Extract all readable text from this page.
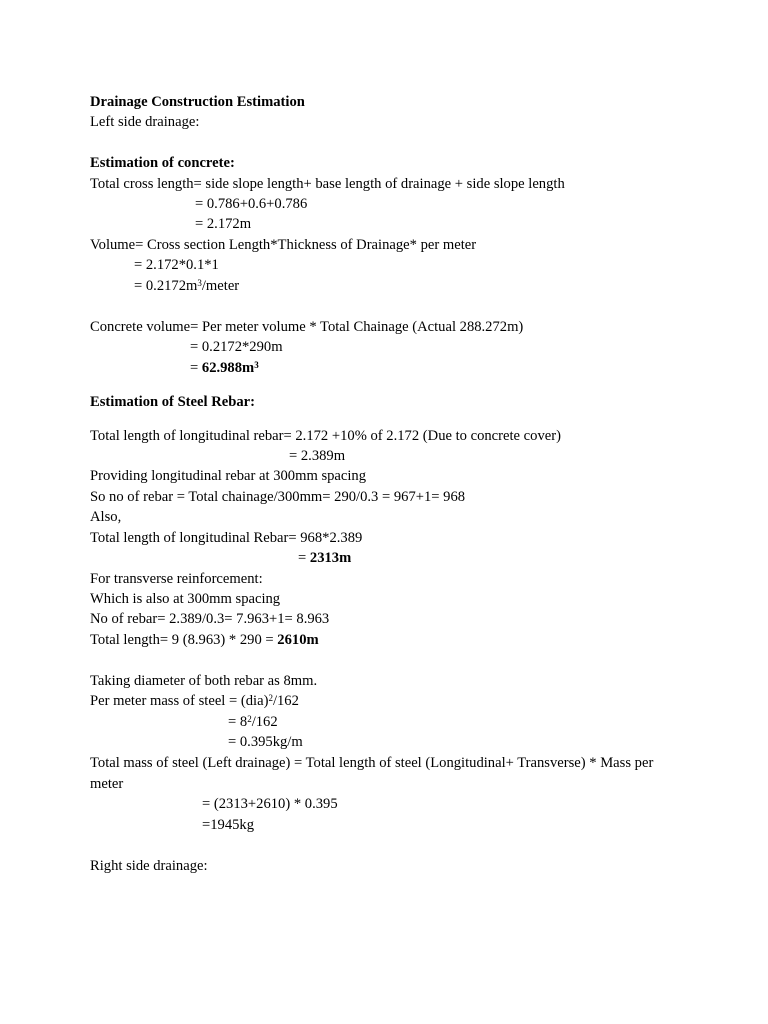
Drainage Construction Estimation
Left side drainage:
Estimation of concrete:
Total cross length= side slope length+ base length of drainage + side slope length
= 0.786+0.6+0.786
= 2.172m
Volume= Cross section Length*Thickness of Drainage* per meter
= 2.172*0.1*1
= $0.2172m^3$/meter
Concrete volume= Per meter volume * Total Chainage (Actual 288.272m)
= 0.2172*290m
= $62.988m^3$
Estimation of Steel Rebar:
Total length of longitudinal rebar= 2.172 +10% of 2.172 (Due to concrete cover)
= 2.389m
Providing longitudinal rebar at 300mm spacing
So no of rebar = Total chainage/300mm= 290/0.3 = 967+1= 968
Also,
Total length of longitudinal Rebar= 968*2.389
= 2313m
For transverse reinforcement:
Which is also at 300mm spacing
No of rebar= 2.389/0.3= 7.963+1= 8.963
Total length= 9 (8.963) * 290 = 2610m
Taking diameter of both rebar as 8mm.
Per meter mass of steel = (dia)$^2$/162
= $8^2/162$
= 0.395kg/m
Total mass of steel (Left drainage) = Total length of steel (Longitudinal+ Transverse) * Mass per
meter
= (2313+2610) * 0.395
=1945kg
Right side drainage:
